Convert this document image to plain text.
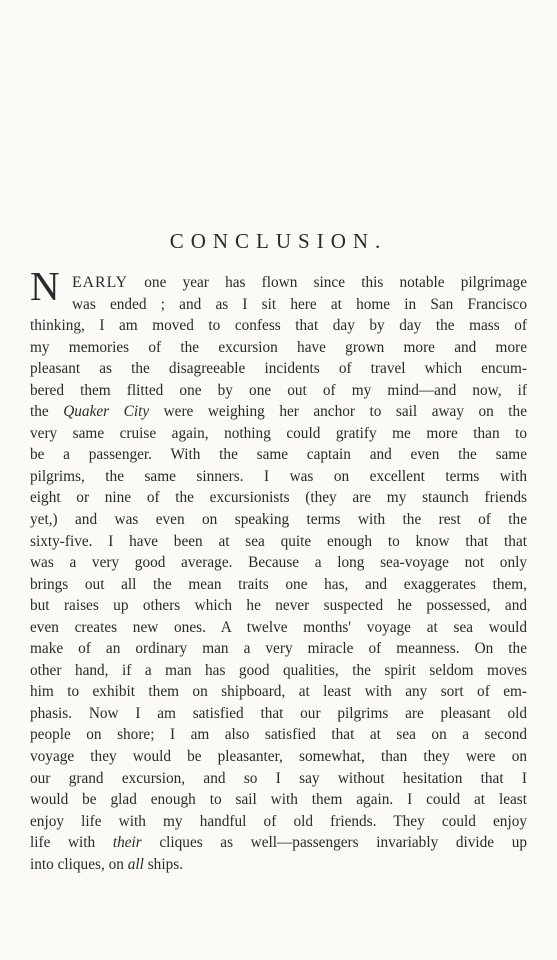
CONCLUSION.
N EARLY one year has flown since this notable pilgrimage
was ended ; and as I sit here at home in San Francisco
thinking, I am moved to confess that day by day the mass of
my memories of the excursion have grown more and more
pleasant as the disagreeable incidents of travel which encum-
bered them flitted one by one out of my mind—and now, if
the Quaker City were weighing her anchor to sail away on the
very same cruise again, nothing could gratify me more than to
be a passenger. With the same captain and even the same
pilgrims, the same sinners. I was on excellent terms with
eight or nine of the excursionists (they are my staunch friends
yet,) and was even on speaking terms with the rest of the
sixty-five. I have been at sea quite enough to know that that
was a very good average. Because a long sea-voyage not only
brings out all the mean traits one has, and exaggerates them,
but raises up others which he never suspected he possessed, and
even creates new ones. A twelve months' voyage at sea would
make of an ordinary man a very miracle of meanness. On the
other hand, if a man has good qualities, the spirit seldom moves
him to exhibit them on shipboard, at least with any sort of em-
phasis. Now I am satisfied that our pilgrims are pleasant old
people on shore; I am also satisfied that at sea on a second
voyage they would be pleasanter, somewhat, than they were on
our grand excursion, and so I say without hesitation that I
would be glad enough to sail with them again. I could at least
enjoy life with my handful of old friends. They could enjoy
life with their cliques as well—passengers invariably divide up
into cliques, on all ships.
